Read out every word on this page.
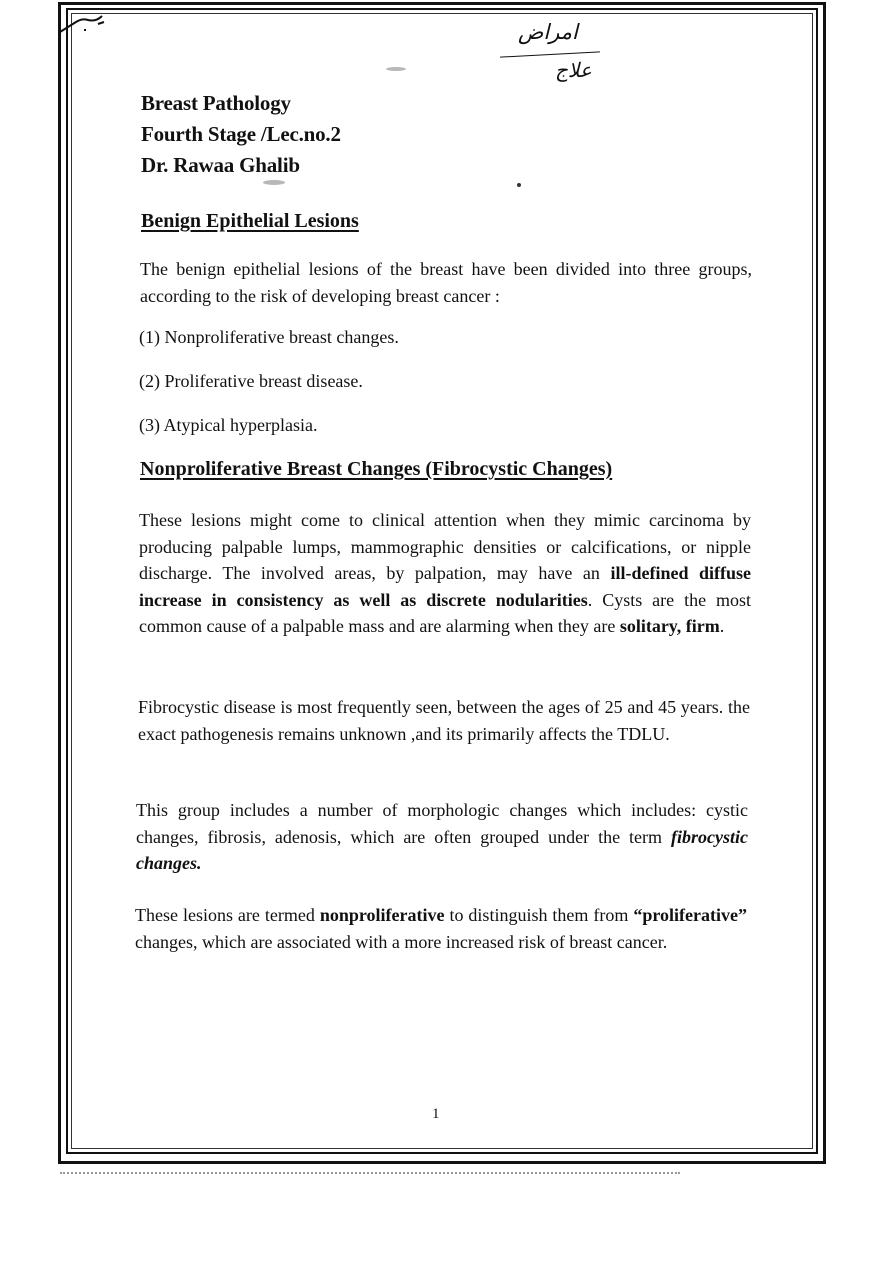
امراض
علاج
Breast Pathology
Fourth Stage /Lec.no.2
Dr. Rawaa Ghalib
Benign Epithelial Lesions
The benign epithelial lesions of the breast have been divided into three groups, according to the risk of developing breast cancer :
(1) Nonproliferative breast changes.
(2) Proliferative breast disease.
(3) Atypical hyperplasia.
Nonproliferative Breast Changes (Fibrocystic Changes)
These lesions might come to clinical attention when they mimic carcinoma by producing palpable lumps, mammographic densities or calcifications, or nipple discharge. The involved areas, by palpation, may have an ill-defined diffuse increase in consistency as well as discrete nodularities. Cysts are the most common cause of a palpable mass and are alarming when they are solitary, firm.
Fibrocystic disease is most frequently seen, between the ages of 25 and 45 years. the exact pathogenesis remains unknown ,and its primarily affects the TDLU.
This group includes a number of morphologic changes which includes: cystic changes, fibrosis, adenosis, which are often grouped under the term fibrocystic changes.
These lesions are termed nonproliferative to distinguish them from “proliferative” changes, which are associated with a more increased risk of breast cancer.
1
